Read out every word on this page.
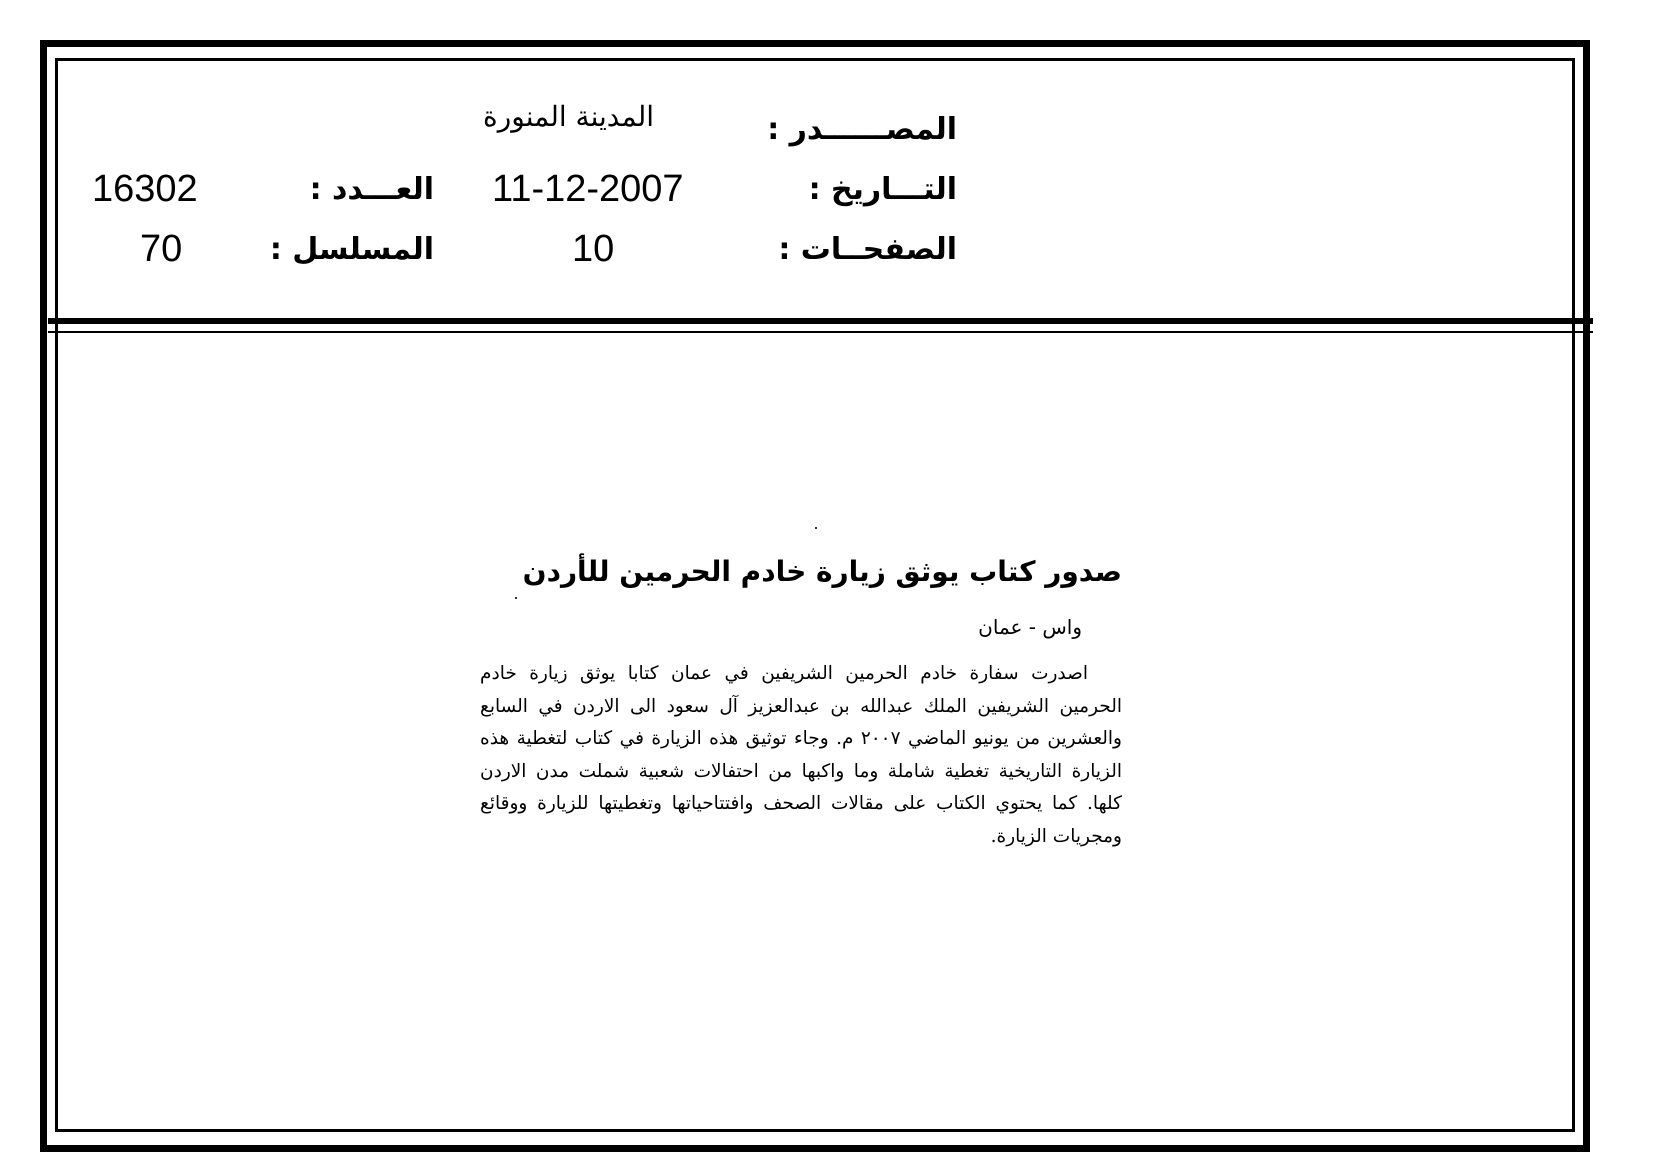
المصــــــدر :
المدينة المنورة
التـــاريخ :
11-12-2007
العـــدد :
16302
الصفحــات :
10
المسلسل :
70
صدور كتاب يوثق زيارة خادم الحرمين للأردن
واس - عمان

اصدرت سفارة خادم الحرمين الشريفين في عمان كتابا يوثق زيارة خادم الحرمين الشريفين الملك عبدالله بن عبدالعزيز آل سعود الى الاردن في السابع والعشرين من يونيو الماضي ٢٠٠٧ م. وجاء توثيق هذه الزيارة في كتاب لتغطية هذه الزيارة التاريخية تغطية شاملة وما واكبها من احتفالات شعبية شملت مدن الاردن كلها. كما يحتوي الكتاب على مقالات الصحف وافتتاحياتها وتغطيتها للزيارة ووقائع ومجريات الزيارة.
